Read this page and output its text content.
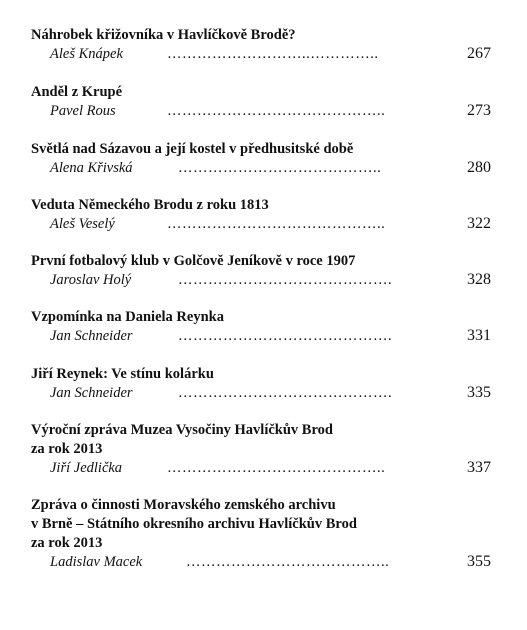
Náhrobek křižovníka v Havlíčkově Brodě?
Aleš Knápek	………………………..…………..	267
Anděl z Krupé
Pavel Rous	……………………………………..	273
Světlá nad Sázavou a její kostel v předhusitské době
Alena Křivská	…………………………………..	280
Veduta Německého Brodu z roku 1813
Aleš Veselý	……………………………………..	322
První fotbalový klub v Golčově Jeníkově v roce 1907
Jaroslav Holý	…………………………………….	328
Vzpomínka na Daniela Reynka
Jan Schneider	…………………………………….	331
Jiří Reynek: Ve stínu kolárku
Jan Schneider	…………………………………….	335
Výroční zpráva Muzea Vysočiny Havlíčkův Brod
za rok 2013
Jiří Jedlička	……………………………………..	337
Zpráva o činnosti Moravského zemského archivu
v Brně – Státního okresního archivu Havlíčkův Brod
za rok 2013
Ladislav Macek	…………………………………..	355
